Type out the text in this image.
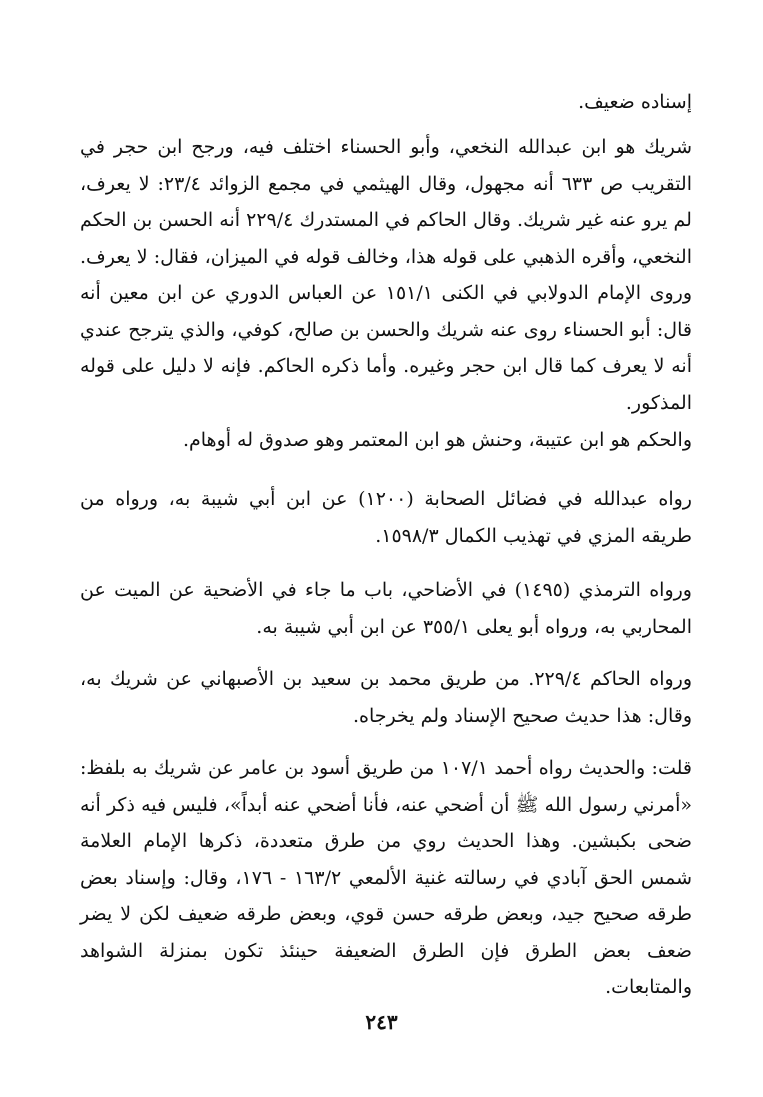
إسناده ضعيف.

شريك هو ابن عبدالله النخعي، وأبو الحسناء اختلف فيه، ورجح ابن حجر في التقريب ص ٦٣٣ أنه مجهول، وقال الهيثمي في مجمع الزوائد ٢٣/٤: لا يعرف، لم يرو عنه غير شريك. وقال الحاكم في المستدرك ٢٢٩/٤ أنه الحسن بن الحكم النخعي، وأقره الذهبي على قوله هذا، وخالف قوله في الميزان، فقال: لا يعرف. وروى الإمام الدولابي في الكنى ١٥١/١ عن العباس الدوري عن ابن معين أنه قال: أبو الحسناء روى عنه شريك والحسن بن صالح، كوفي، والذي يترجح عندي أنه لا يعرف كما قال ابن حجر وغيره. وأما ذكره الحاكم. فإنه لا دليل على قوله المذكور.

والحكم هو ابن عتيبة، وحنش هو ابن المعتمر وهو صدوق له أوهام.

رواه عبدالله في فضائل الصحابة (١٢٠٠) عن ابن أبي شيبة به، ورواه من طريقه المزي في تهذيب الكمال ١٥٩٨/٣.

ورواه الترمذي (١٤٩٥) في الأضاحي، باب ما جاء في الأضحية عن الميت عن المحاربي به، ورواه أبو يعلى ٣٥٥/١ عن ابن أبي شيبة به.

ورواه الحاكم ٢٢٩/٤. من طريق محمد بن سعيد بن الأصبهاني عن شريك به، وقال: هذا حديث صحيح الإسناد ولم يخرجاه.

قلت: والحديث رواه أحمد ١٠٧/١ من طريق أسود بن عامر عن شريك به بلفظ: «أمرني رسول الله ﷺ أن أضحي عنه، فأنا أضحي عنه أبداً»، فليس فيه ذكر أنه ضحى بكبشين. وهذا الحديث روي من طرق متعددة، ذكرها الإمام العلامة شمس الحق آبادي في رسالته غنية الألمعي ١٦٣/٢ - ١٧٦، وقال: وإسناد بعض طرقه صحيح جيد، وبعض طرقه حسن قوي، وبعض طرقه ضعيف لكن لا يضر ضعف بعض الطرق فإن الطرق الضعيفة حينئذ تكون بمنزلة الشواهد والمتابعات.

٢٤٣
